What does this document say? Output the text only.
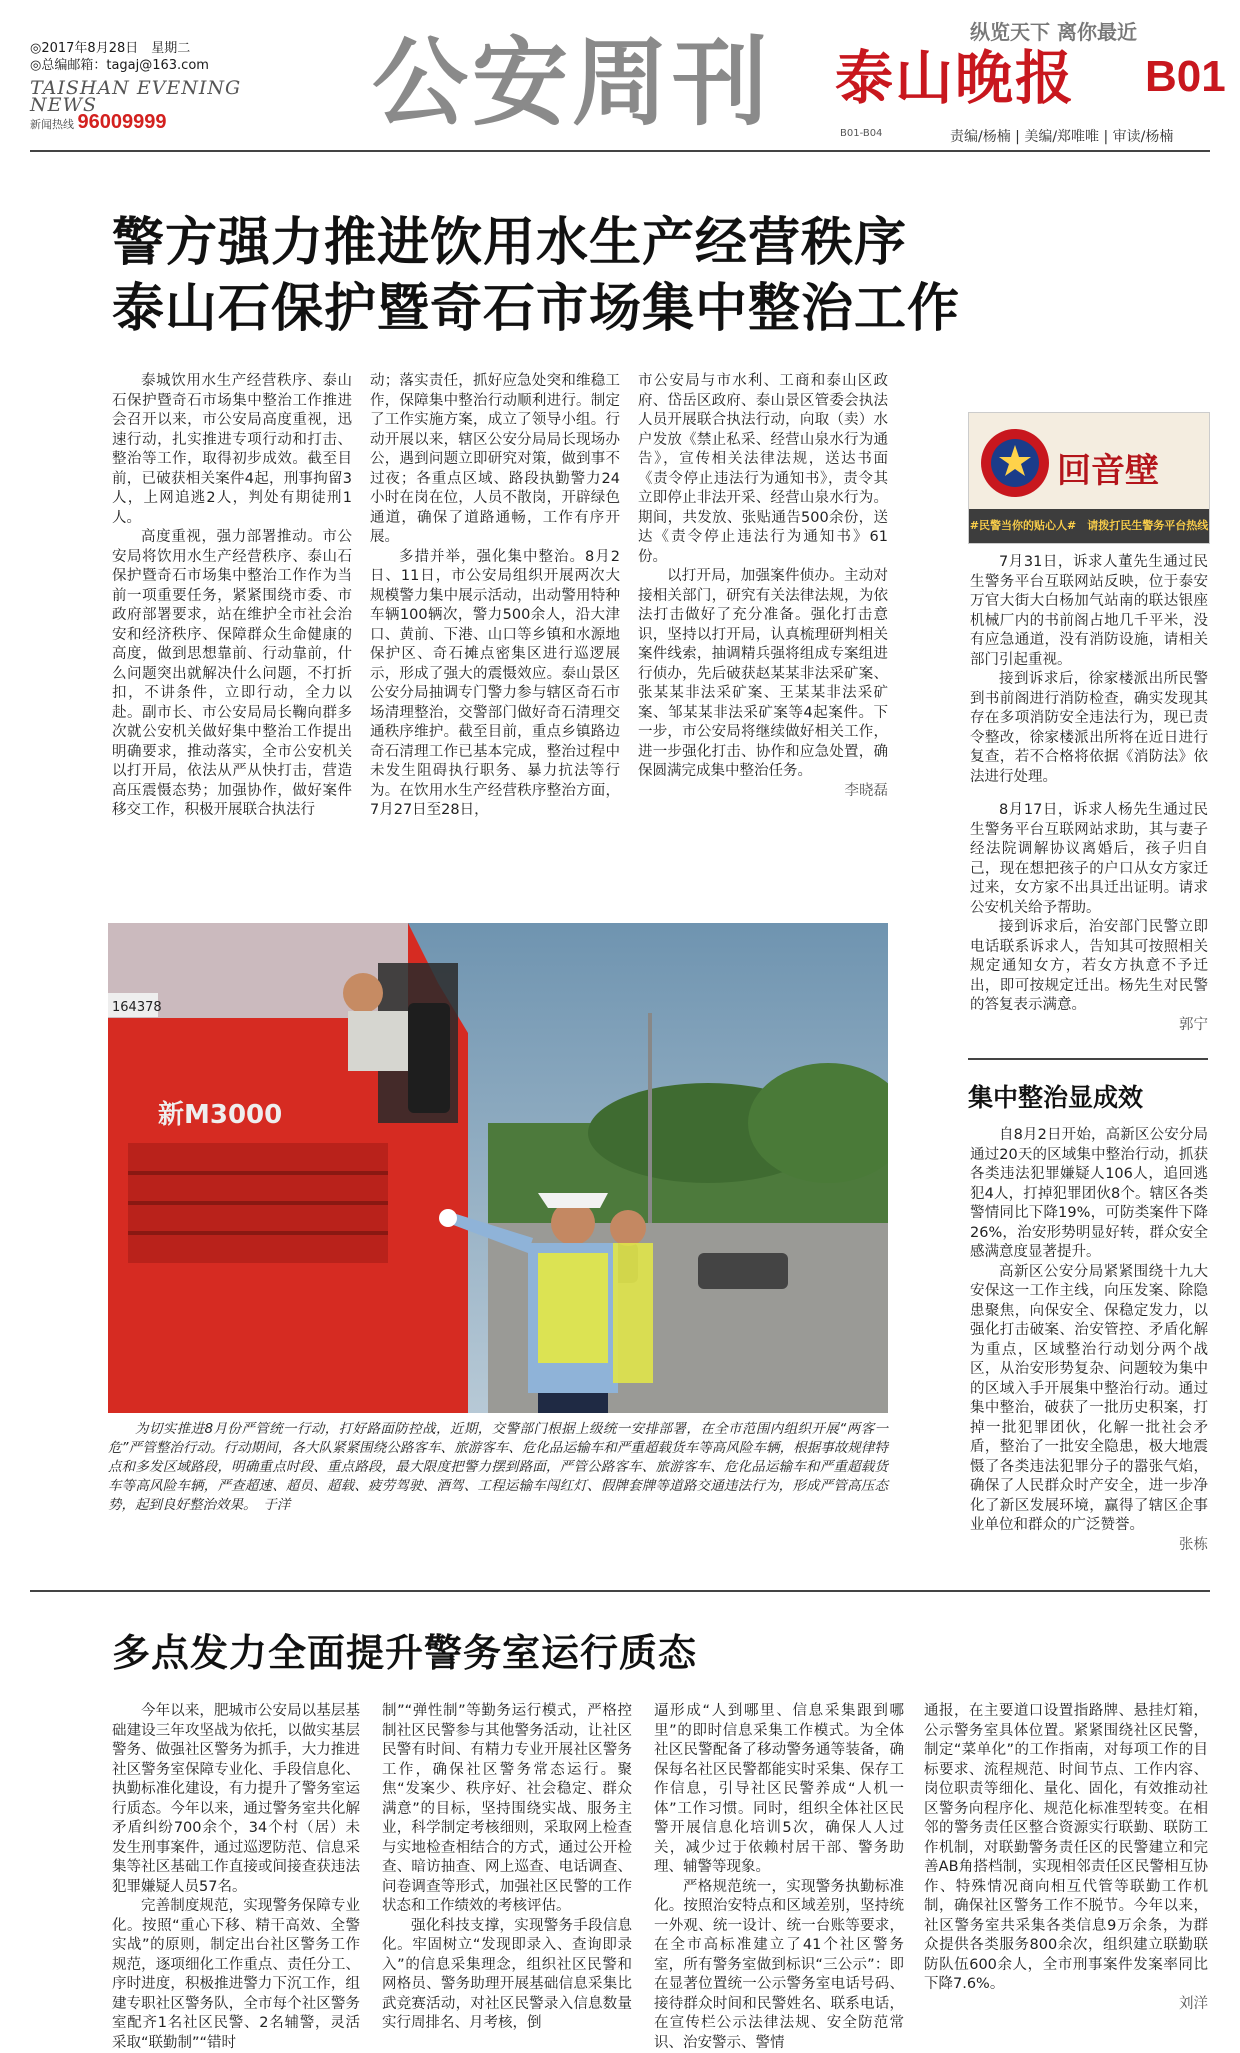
◎2017年8月28日　星期二
◎总编邮箱：tagaj@163.com
TAISHAN EVENING NEWS
新闻热线 96009999	公安周刊	纵览天下 离你最近
泰山晚报 B01
B01-B04	责编/杨楠 | 美编/郑唯唯 | 审读/杨楠
警方强力推进饮用水生产经营秩序
泰山石保护暨奇石市场集中整治工作

泰城饮用水生产经营秩序、泰山石保护暨奇石市场集中整治工作推进会召开以来，市公安局高度重视，迅速行动，扎实推进专项行动和打击、整治等工作，取得初步成效。截至目前，已破获相关案件4起，刑事拘留3人，上网追逃2人，判处有期徒刑1人。

高度重视，强力部署推动。市公安局将饮用水生产经营秩序、泰山石保护暨奇石市场集中整治工作作为当前一项重要任务，紧紧围绕市委、市政府部署要求，站在维护全市社会治安和经济秩序、保障群众生命健康的高度，做到思想靠前、行动靠前，什么问题突出就解决什么问题，不打折扣，不讲条件，立即行动，全力以赴。副市长、市公安局局长鞠向群多次就公安机关做好集中整治工作提出明确要求，推动落实，全市公安机关以打开局，依法从严从快打击，营造高压震慑态势；加强协作，做好案件移交工作，积极开展联合执法行

动；落实责任，抓好应急处突和维稳工作，保障集中整治行动顺利进行。制定了工作实施方案，成立了领导小组。行动开展以来，辖区公安分局局长现场办公，遇到问题立即研究对策，做到事不过夜；各重点区域、路段执勤警力24小时在岗在位，人员不散岗，开辟绿色通道，确保了道路通畅，工作有序开展。

多措并举，强化集中整治。8月2日、11日，市公安局组织开展两次大规模警力集中展示活动，出动警用特种车辆100辆次，警力500余人，沿大津口、黄前、下港、山口等乡镇和水源地保护区、奇石摊点密集区进行巡逻展示，形成了强大的震慑效应。泰山景区公安分局抽调专门警力参与辖区奇石市场清理整治，交警部门做好奇石清理交通秩序维护。截至目前，重点乡镇路边奇石清理工作已基本完成，整治过程中未发生阻碍执行职务、暴力抗法等行为。在饮用水生产经营秩序整治方面，7月27日至28日，

市公安局与市水利、工商和泰山区政府、岱岳区政府、泰山景区管委会执法人员开展联合执法行动，向取（卖）水户发放《禁止私采、经营山泉水行为通告》，宣传相关法律法规，送达书面《责令停止违法行为通知书》，责令其立即停止非法开采、经营山泉水行为。期间，共发放、张贴通告500余份，送达《责令停止违法行为通知书》61份。

以打开局，加强案件侦办。主动对接相关部门，研究有关法律法规，为依法打击做好了充分准备。强化打击意识，坚持以打开局，认真梳理研判相关案件线索，抽调精兵强将组成专案组进行侦办，先后破获赵某某非法采矿案、张某某非法采矿案、王某某非法采矿案、邹某某非法采矿案等4起案件。下一步，市公安局将继续做好相关工作，进一步强化打击、协作和应急处置，确保圆满完成集中整治任务。

李晓磊

164378
新M3000

为切实推进8月份严管统一行动，打好路面防控战，近期，交警部门根据上级统一安排部署，在全市范围内组织开展“两客一危”严管整治行动。行动期间，各大队紧紧围绕公路客车、旅游客车、危化品运输车和严重超载货车等高风险车辆，根据事故规律特点和多发区域路段，明确重点时段、重点路段，最大限度把警力摆到路面，严管公路客车、旅游客车、危化品运输车和严重超载货车等高风险车辆，严查超速、超员、超载、疲劳驾驶、酒驾、工程运输车闯红灯、假牌套牌等道路交通违法行为，形成严管高压态势，起到良好整治效果。　 于洋

回音壁
#民警当你的贴心人#　请拨打民生警务平台热线　

7月31日，诉求人董先生通过民生警务平台互联网站反映，位于泰安万官大街大白杨加气站南的联达银座机械厂内的书前阁占地几千平米，没有应急通道，没有消防设施，请相关部门引起重视。

接到诉求后，徐家楼派出所民警到书前阁进行消防检查，确实发现其存在多项消防安全违法行为，现已责令整改，徐家楼派出所将在近日进行复查，若不合格将依据《消防法》依法进行处理。

8月17日，诉求人杨先生通过民生警务平台互联网站求助，其与妻子经法院调解协议离婚后，孩子归自己，现在想把孩子的户口从女方家迁过来，女方家不出具迁出证明。请求公安机关给予帮助。

接到诉求后，治安部门民警立即电话联系诉求人，告知其可按照相关规定通知女方，若女方执意不予迁出，即可按规定迁出。杨先生对民警的答复表示满意。

郭宁

集中整治显成效

自8月2日开始，高新区公安分局通过20天的区域集中整治行动，抓获各类违法犯罪嫌疑人106人，追回逃犯4人，打掉犯罪团伙8个。辖区各类警情同比下降19%，可防类案件下降26%，治安形势明显好转，群众安全感满意度显著提升。

高新区公安分局紧紧围绕十九大安保这一工作主线，向压发案、除隐患聚焦，向保安全、保稳定发力，以强化打击破案、治安管控、矛盾化解为重点，区域整治行动划分两个战区，从治安形势复杂、问题较为集中的区域入手开展集中整治行动。通过集中整治，破获了一批历史积案，打掉一批犯罪团伙，化解一批社会矛盾，整治了一批安全隐患，极大地震慑了各类违法犯罪分子的嚣张气焰，确保了人民群众时产安全，进一步净化了新区发展环境，赢得了辖区企事业单位和群众的广泛赞誉。

张栋

多点发力全面提升警务室运行质态

今年以来，肥城市公安局以基层基础建设三年攻坚战为依托，以做实基层警务、做强社区警务为抓手，大力推进社区警务室保障专业化、手段信息化、执勤标准化建设，有力提升了警务室运行质态。今年以来，通过警务室共化解矛盾纠纷700余个，34个村（居）未发生刑事案件，通过巡逻防范、信息采集等社区基础工作直接或间接查获违法犯罪嫌疑人员57名。

完善制度规范，实现警务保障专业化。按照“重心下移、精干高效、全警实战”的原则，制定出台社区警务工作规范，逐项细化工作重点、责任分工、序时进度，积极推进警力下沉工作，组建专职社区警务队，全市每个社区警务室配齐1名社区民警、2名辅警，灵活采取“联勤制”“错时

制”“弹性制”等勤务运行模式，严格控制社区民警参与其他警务活动，让社区民警有时间、有精力专业开展社区警务工作，确保社区警务常态运行。聚焦“发案少、秩序好、社会稳定、群众满意”的目标，坚持围绕实战、服务主业，科学制定考核细则，采取网上检查与实地检查相结合的方式，通过公开检查、暗访抽查、网上巡查、电话调查、问卷调查等形式，加强社区民警的工作状态和工作绩效的考核评估。

强化科技支撑，实现警务手段信息化。牢固树立“发现即录入、查询即录入”的信息采集理念，组织社区民警和网格员、警务助理开展基础信息采集比武竞赛活动，对社区民警录入信息数量实行周排名、月考核，倒

逼形成“人到哪里、信息采集跟到哪里”的即时信息采集工作模式。为全体社区民警配备了移动警务通等装备，确保每名社区民警都能实时采集、保存工作信息，引导社区民警养成“人机一体”工作习惯。同时，组织全体社区民警开展信息化培训5次，确保人人过关，减少过于依赖村居干部、警务助理、辅警等现象。

严格规范统一，实现警务执勤标准化。按照治安特点和区域差别，坚持统一外观、统一设计、统一台账等要求，在全市高标准建立了41个社区警务室，所有警务室做到标识“三公示”：即在显著位置统一公示警务室电话号码、接待群众时间和民警姓名、联系电话，在宣传栏公示法律法规、安全防范常识、治安警示、警情

通报，在主要道口设置指路牌、悬挂灯箱，公示警务室具体位置。紧紧围绕社区民警，制定“菜单化”的工作指南，对每项工作的目标要求、流程规范、时间节点、工作内容、岗位职责等细化、量化、固化，有效推动社区警务向程序化、规范化标准型转变。在相邻的警务责任区整合资源实行联勤、联防工作机制，对联勤警务责任区的民警建立和完善AB角搭档制，实现相邻责任区民警相互协作、特殊情况商向相互代管等联勤工作机制，确保社区警务工作不脱节。今年以来，社区警务室共采集各类信息9万余条，为群众提供各类服务800余次，组织建立联勤联防队伍600余人，全市刑事案件发案率同比下降7.6%。

刘洋
